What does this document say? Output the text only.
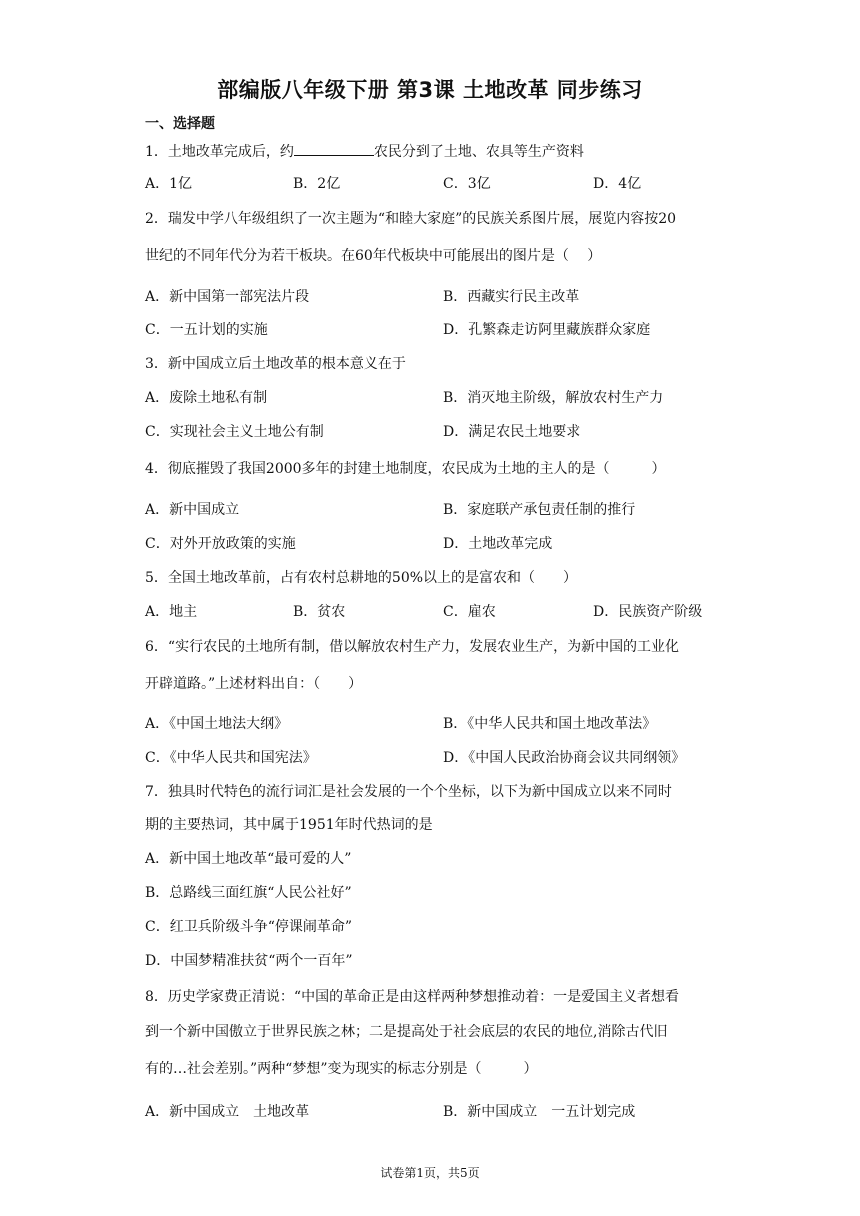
部编版八年级下册 第3课 土地改革 同步练习
一、选择题
1．土地改革完成后，约	农民分到了土地、农具等生产资料
A．1亿	B．2亿	C．3亿	D．4亿
2．瑞发中学八年级组织了一次主题为“和睦大家庭”的民族关系图片展，展览内容按20
世纪的不同年代分为若干板块。在60年代板块中可能展出的图片是（　 ）
A．新中国第一部宪法片段	B．西藏实行民主改革
C．一五计划的实施	D．孔繁森走访阿里藏族群众家庭
3．新中国成立后土地改革的根本意义在于
A．废除土地私有制	B．消灭地主阶级，解放农村生产力
C．实现社会主义土地公有制	D．满足农民土地要求
4．彻底摧毁了我国2000多年的封建土地制度，农民成为土地的主人的是（　　　）
A．新中国成立	B．家庭联产承包责任制的推行
C．对外开放政策的实施	D．土地改革完成
5．全国土地改革前，占有农村总耕地的50%以上的是富农和（　　）
A．地主	B．贫农	C．雇农	D．民族资产阶级
6．“实行农民的土地所有制，借以解放农村生产力，发展农业生产，为新中国的工业化
开辟道路。”上述材料出自：（　　）
A．《中国土地法大纲》	B．《中华人民共和国土地改革法》
C．《中华人民共和国宪法》	D．《中国人民政治协商会议共同纲领》
7．独具时代特色的流行词汇是社会发展的一个个坐标，以下为新中国成立以来不同时
期的主要热词，其中属于1951年时代热词的是
A．新中国土地改革“最可爱的人”
B．总路线三面红旗“人民公社好”
C．红卫兵阶级斗争“停课闹革命”
D．中国梦精准扶贫“两个一百年”
8．历史学家费正清说：“中国的革命正是由这样两种梦想推动着：一是爱国主义者想看
到一个新中国傲立于世界民族之林；二是提高处于社会底层的农民的地位,消除古代旧
有的…社会差别。”两种“梦想”变为现实的标志分别是（　　　）
A．新中国成立　土地改革	B．新中国成立　一五计划完成
试卷第1页，共5页
